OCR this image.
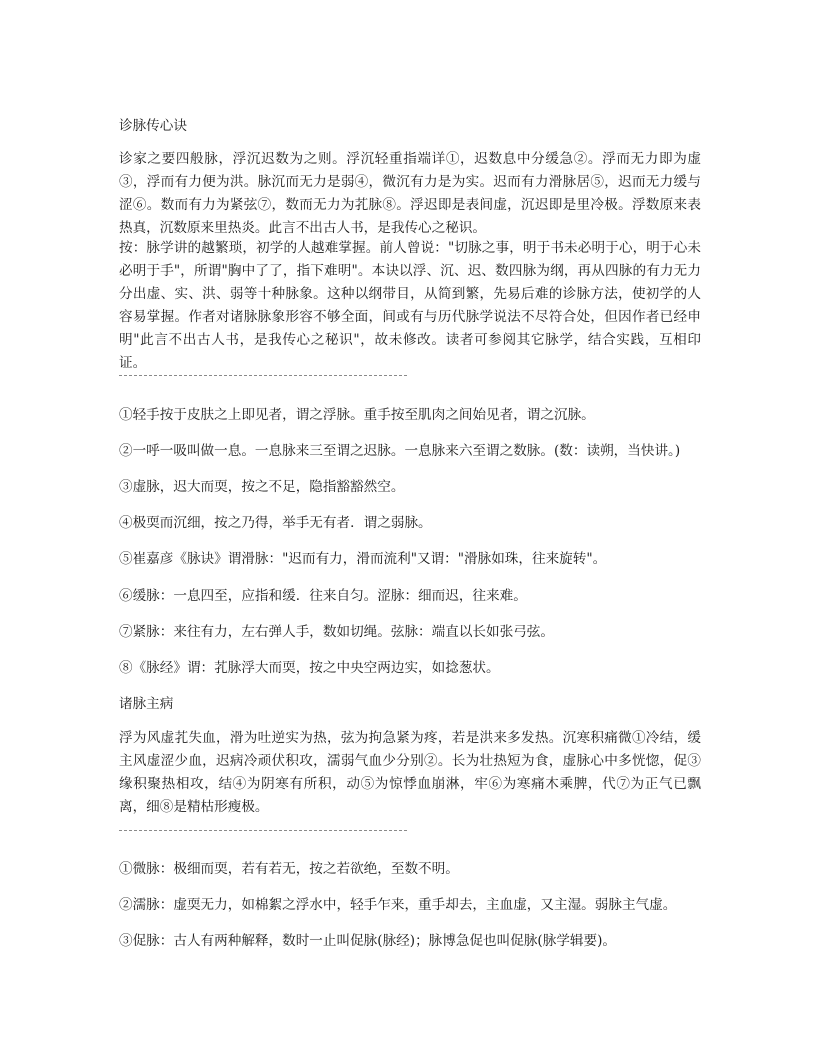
诊脉传心诀

诊家之要四般脉，浮沉迟数为之则。浮沉轻重指端详①，迟数息中分缓急②。浮而无力即为虚③，浮而有力便为洪。脉沉而无力是弱④，微沉有力是为实。迟而有力滑脉居⑤，迟而无力缓与涩⑥。数而有力为紧弦⑦，数而无力为芤脉⑧。浮迟即是表间虚，沉迟即是里冷极。浮数原来表热真，沉数原来里热炎。此言不出古人书，是我传心之秘识。

按：脉学讲的越繁琐，初学的人越难掌握。前人曾说："切脉之事，明于书未必明于心，明于心未必明于手"，所谓"胸中了了，指下难明"。本诀以浮、沉、迟、数四脉为纲，再从四脉的有力无力分出虚、实、洪、弱等十种脉象。这种以纲带目，从简到繁，先易后难的诊脉方法，使初学的人容易掌握。作者对诸脉脉象形容不够全面，间或有与历代脉学说法不尽符合处，但因作者已经申明"此言不出古人书，是我传心之秘识"，故未修改。读者可参阅其它脉学，结合实践，互相印证。

①轻手按于皮肤之上即见者，谓之浮脉。重手按至肌肉之间始见者，谓之沉脉。

②一呼一吸叫做一息。一息脉来三至谓之迟脉。一息脉来六至谓之数脉。(数：读朔，当快讲。)

③虚脉，迟大而耎，按之不足，隐指豁豁然空。

④极耎而沉细，按之乃得，举手无有者．谓之弱脉。

⑤崔嘉彦《脉诀》谓滑脉："迟而有力，滑而流利"又谓："滑脉如珠，往来旋转"。

⑥缓脉：一息四至，应指和缓．往来自匀。涩脉：细而迟，往来难。

⑦紧脉：来往有力，左右弹人手，数如切绳。弦脉：端直以长如张弓弦。

⑧《脉经》谓：芤脉浮大而耎，按之中央空两边实，如捻葱状。

诸脉主病

浮为风虚芤失血，滑为吐逆实为热，弦为拘急紧为疼，若是洪来多发热。沉寒积痛微①冷结，缓主风虚涩少血，迟病冷顽伏积攻，濡弱气血少分别②。长为壮热短为食，虚脉心中多恍惚，促③缘积聚热相攻，结④为阴寒有所积，动⑤为惊悸血崩淋，牢⑥为寒痛木乘脾，代⑦为正气已飘离，细⑧是精枯形瘦极。

①微脉：极细而耎，若有若无，按之若欲绝，至数不明。

②濡脉：虚耎无力，如棉絮之浮水中，轻手乍来，重手却去，主血虚，又主湿。弱脉主气虚。

③促脉：古人有两种解释，数时一止叫促脉(脉经)；脉博急促也叫促脉(脉学辑要)。
